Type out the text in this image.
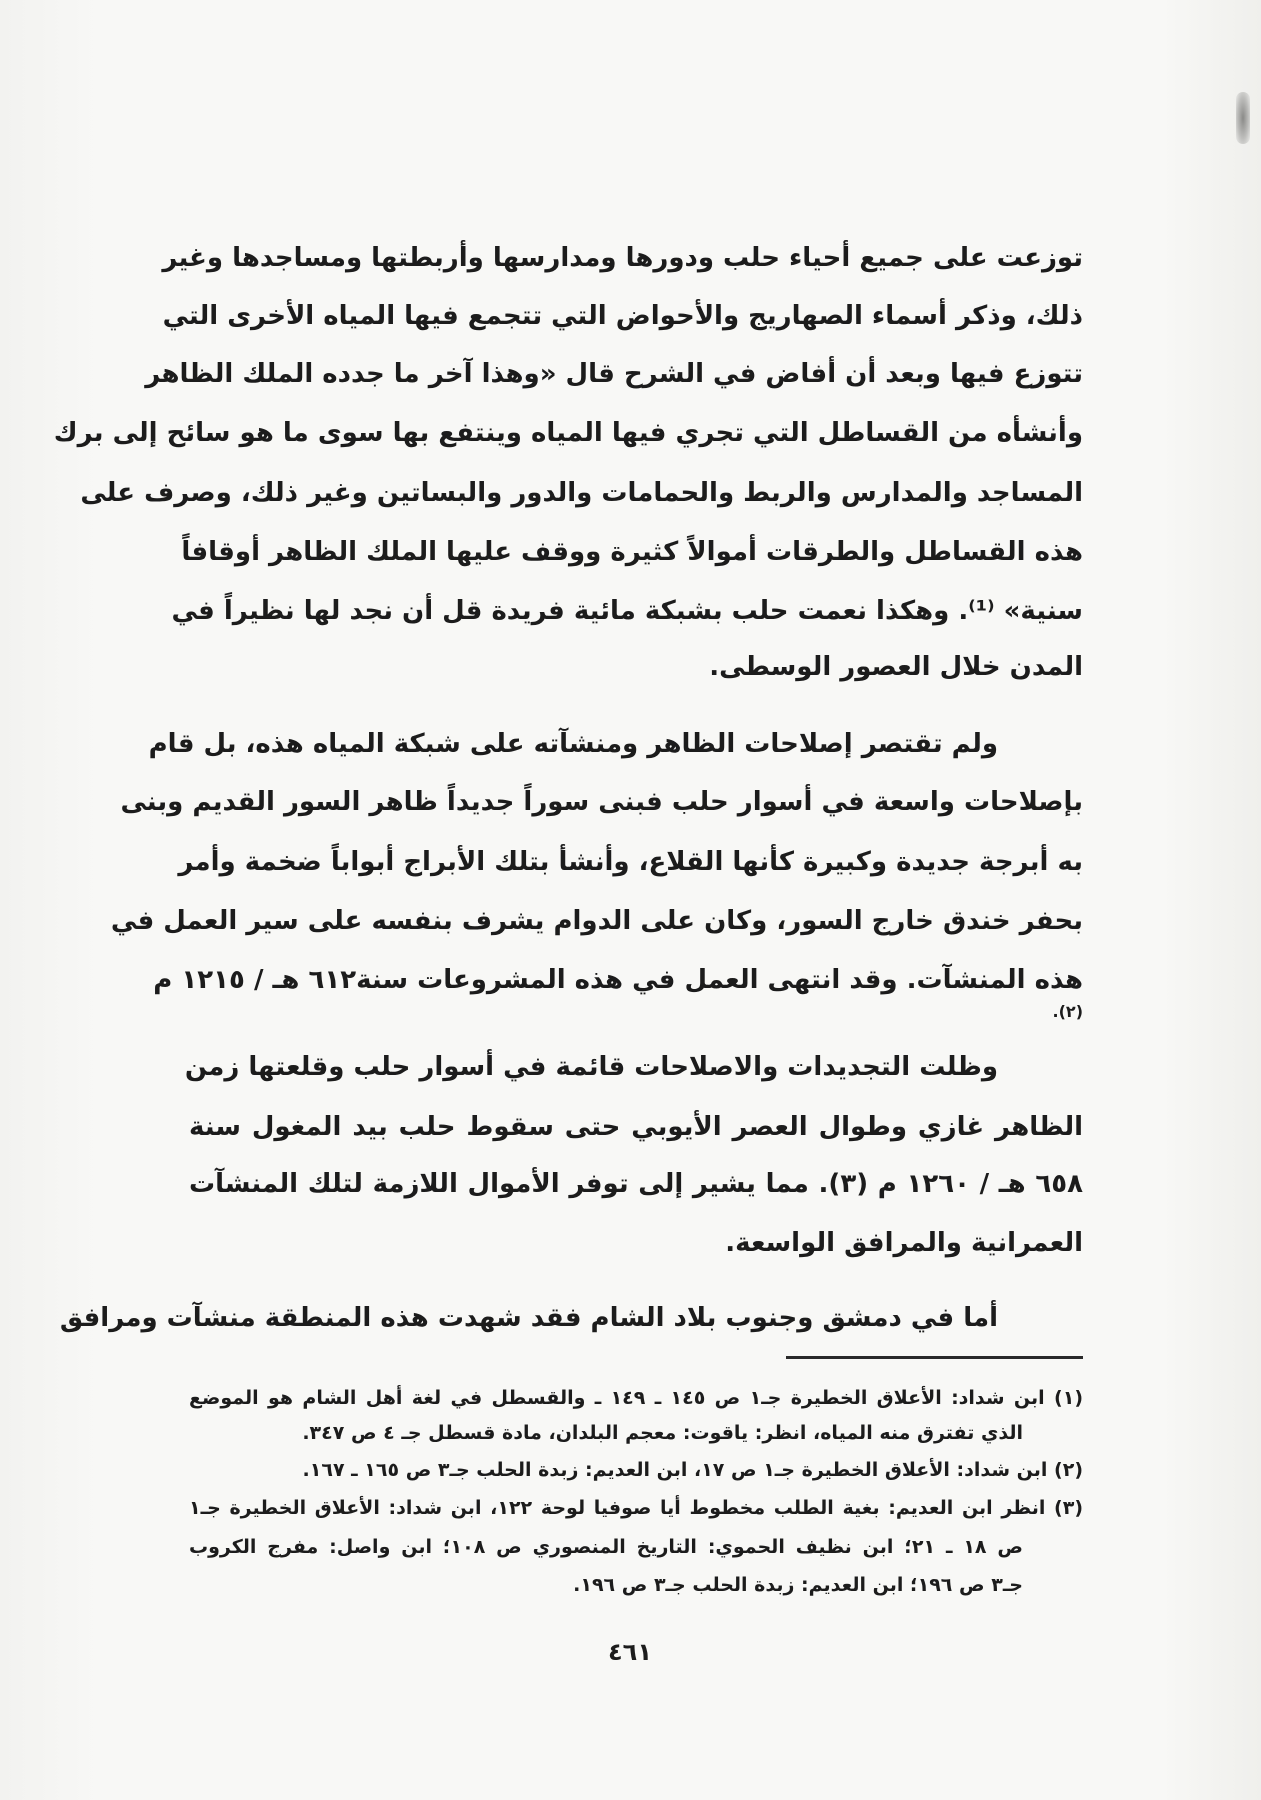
توزعت على جميع أحياء حلب ودورها ومدارسها وأربطتها ومساجدها وغير
ذلك، وذكر أسماء الصهاريج والأحواض التي تتجمع فيها المياه الأخرى التي
تتوزع فيها وبعد أن أفاض في الشرح قال «وهذا آخر ما جدده الملك الظاهر
وأنشأه من القساطل التي تجري فيها المياه وينتفع بها سوى ما هو سائح إلى برك
المساجد والمدارس والربط والحمامات والدور والبساتين وغير ذلك، وصرف على
هذه القساطل والطرقات أموالاً كثيرة ووقف عليها الملك الظاهر أوقافاً
سنية» ⁽¹⁾. وهكذا نعمت حلب بشبكة مائية فريدة قل أن نجد لها نظيراً في
المدن خلال العصور الوسطى.
ولم تقتصر إصلاحات الظاهر ومنشآته على شبكة المياه هذه، بل قام
بإصلاحات واسعة في أسوار حلب فبنى سوراً جديداً ظاهر السور القديم وبنى
به أبرجة جديدة وكبيرة كأنها القلاع، وأنشأ بتلك الأبراج أبواباً ضخمة وأمر
بحفر خندق خارج السور، وكان على الدوام يشرف بنفسه على سير العمل في
هذه المنشآت. وقد انتهى العمل في هذه المشروعات سنة٦١٢ هـ / ١٢١٥ م
(٢).
وظلت التجديدات والاصلاحات قائمة في أسوار حلب وقلعتها زمن
الظاهر غازي وطوال العصر الأيوبي حتى سقوط حلب بيد المغول سنة
٦٥٨ هـ / ١٢٦٠ م (٣). مما يشير إلى توفر الأموال اللازمة لتلك المنشآت
العمرانية والمرافق الواسعة.
أما في دمشق وجنوب بلاد الشام فقد شهدت هذه المنطقة منشآت ومرافق
(١) ابن شداد: الأعلاق الخطيرة جـ١ ص ١٤٥ ـ ١٤٩ ـ والقسطل في لغة أهل الشام هو الموضع
الذي تفترق منه المياه، انظر: ياقوت: معجم البلدان، مادة قسطل جـ ٤ ص ٣٤٧.
(٢) ابن شداد: الأعلاق الخطيرة جـ١ ص ١٧، ابن العديم: زبدة الحلب جـ٣ ص ١٦٥ ـ ١٦٧.
(٣) انظر ابن العديم: بغية الطلب مخطوط أيا صوفيا لوحة ١٢٢، ابن شداد: الأعلاق الخطيرة جـ١
ص ١٨ ـ ٢١؛ ابن نظيف الحموي: التاريخ المنصوري ص ١٠٨؛ ابن واصل: مفرج الكروب
جـ٣ ص ١٩٦؛ ابن العديم: زبدة الحلب جـ٣ ص ١٩٦.
٤٦١
